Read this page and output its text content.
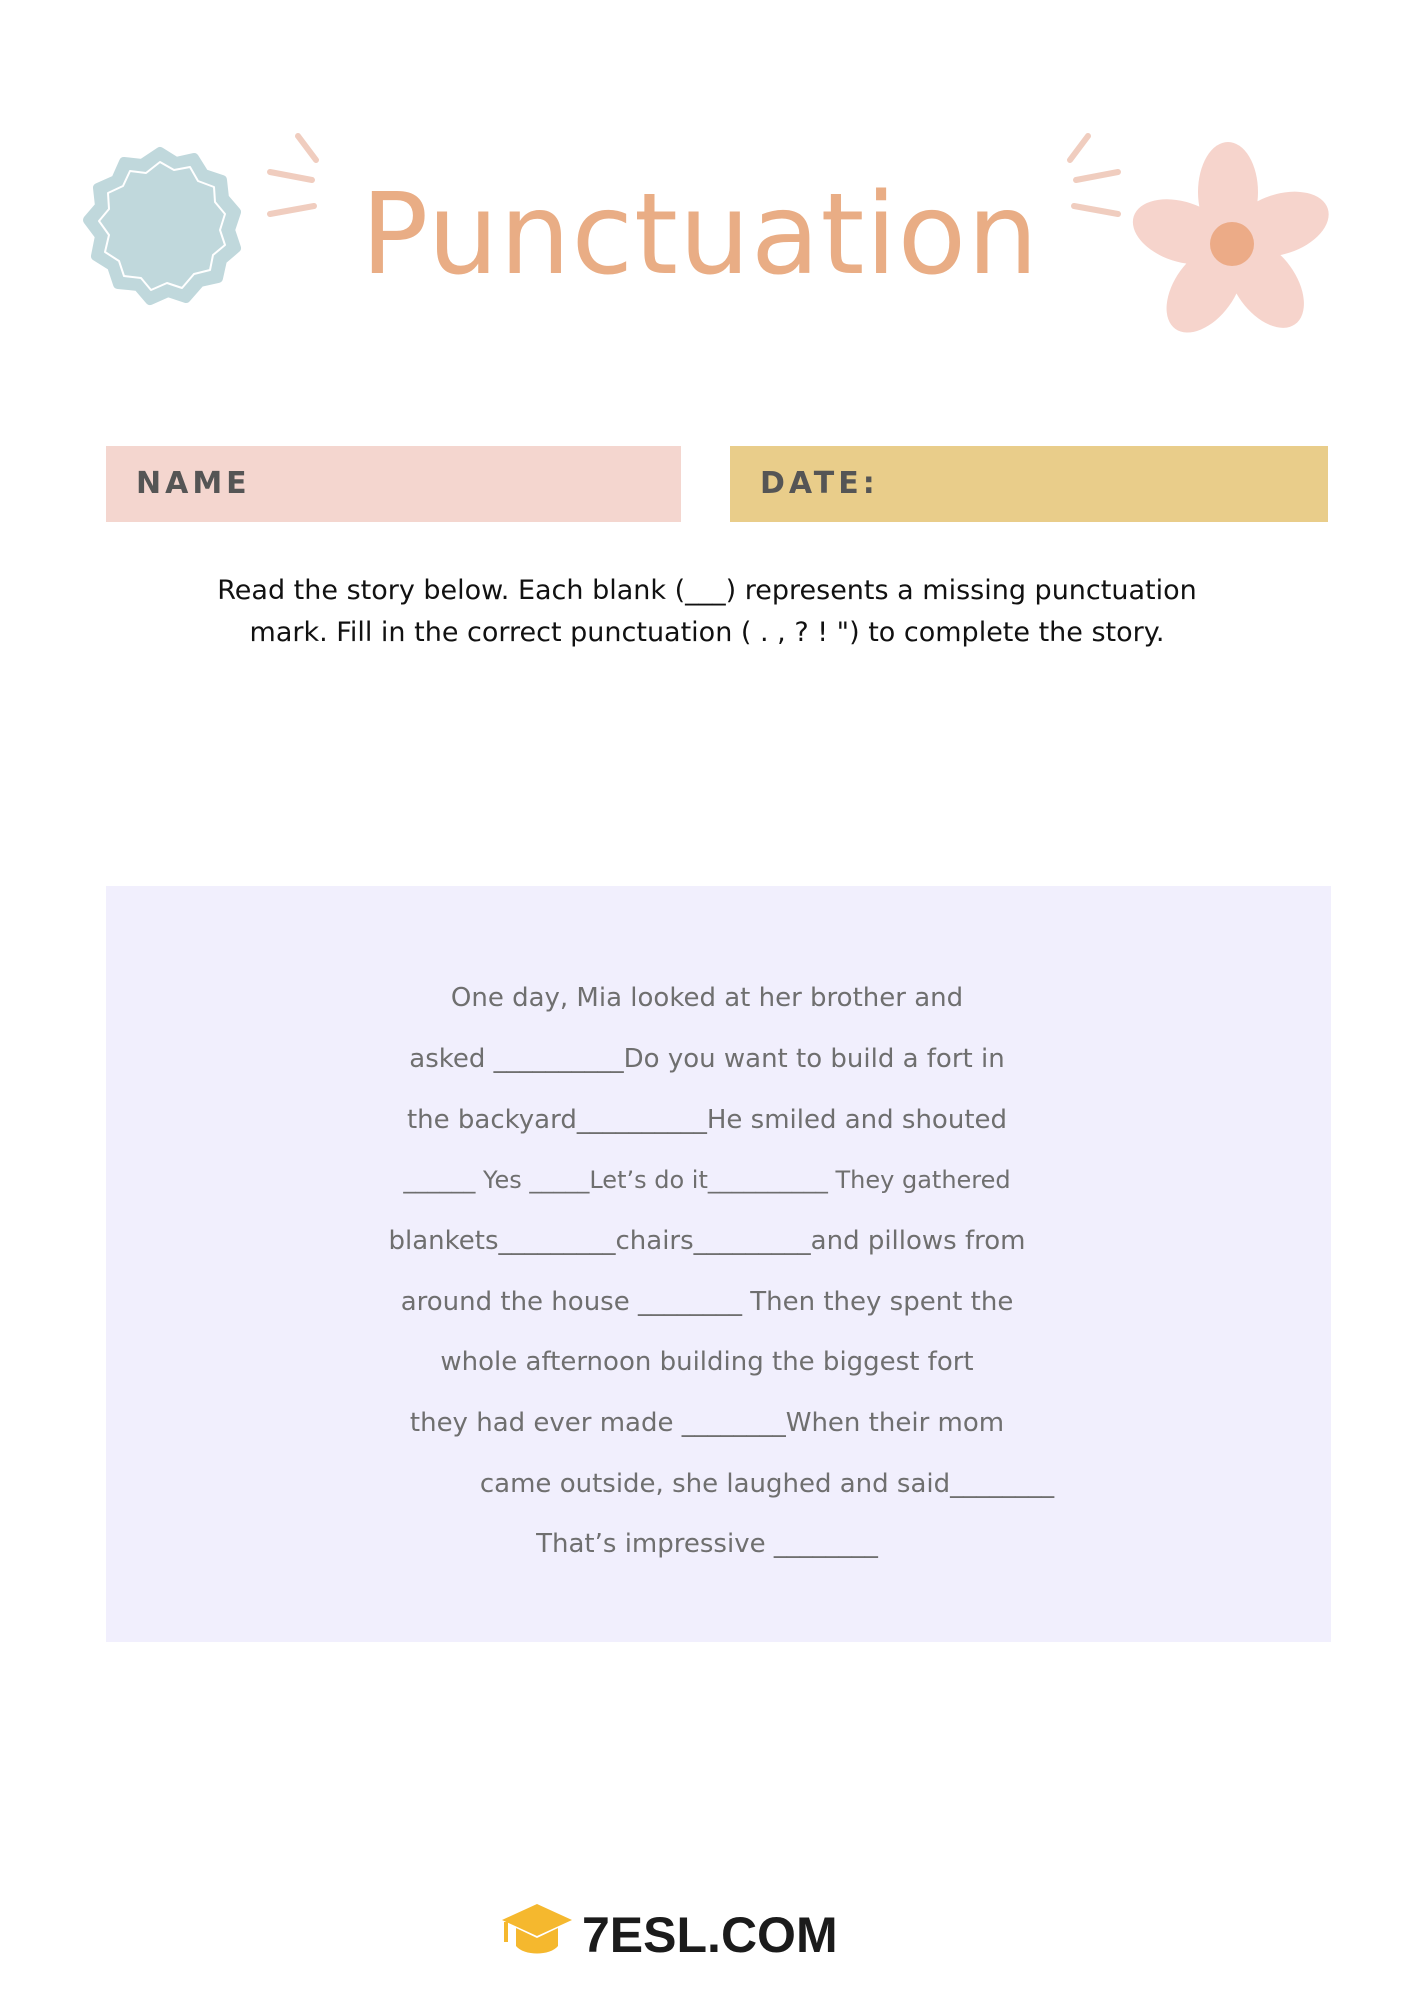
Punctuation
NAME	DATE:
Read the story below. Each blank (___) represents a missing punctuation
mark. Fill in the correct punctuation ( . , ? ! ") to complete the story.
One day, Mia looked at her brother and
asked __________Do you want to build a fort in
the backyard__________He smiled and shouted
______ Yes _____Let’s do it__________ They gathered
blankets_________chairs_________and pillows from
around the house ________ Then they spent the
whole afternoon building the biggest fort
they had ever made ________When their mom
came outside, she laughed and said________
That’s impressive ________
7ESL.COM
